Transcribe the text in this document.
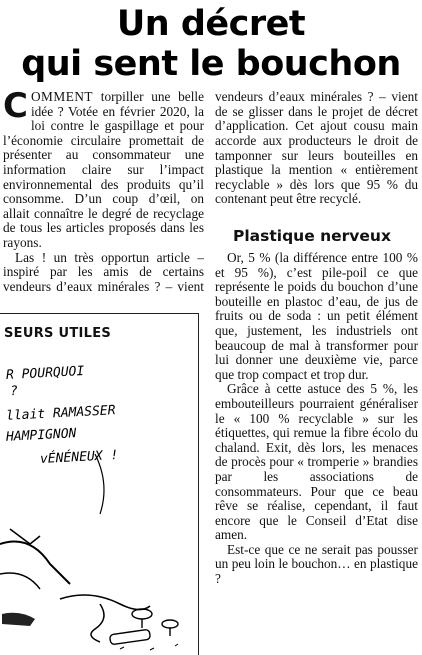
Un décret
qui sent le bouchon

COMMENT torpiller une belle idée ? Votée en février 2020, la loi contre le gaspillage et pour l’économie circulaire promettait de présenter au consommateur une information claire sur l’impact environnemental des produits qu’il consomme. D’un coup d’œil, on allait connaître le degré de recyclage de tous les articles proposés dans les rayons.

Las ! un très opportun article – inspiré par les amis de certains vendeurs d’eaux minérales ? – vient

vendeurs d’eaux minérales ? – vient de se glisser dans le projet de décret d’application. Cet ajout cousu main accorde aux producteurs le droit de tamponner sur leurs bouteilles en plastique la mention « entièrement recyclable » dès lors que 95 % du contenant peut être recyclé.

Plastique nerveux

Or, 5 % (la différence entre 100 % et 95 %), c’est pile-poil ce que représente le poids du bouchon d’une bouteille en plastoc d’eau, de jus de fruits ou de soda : un petit élément que, justement, les industriels ont beaucoup de mal à transformer pour lui donner une deuxième vie, parce que trop compact et trop dur.

Grâce à cette astuce des 5 %, les embouteilleurs pourraient généraliser le « 100 % recyclable » sur les étiquettes, qui remue la fibre écolo du chaland. Exit, dès lors, les menaces de procès pour « tromperie » brandies par les associations de consommateurs. Pour que ce beau rêve se réalise, cependant, il faut encore que le Conseil d’Etat dise amen.

Est-ce que ce ne serait pas pousser un peu loin le bouchon… en plastique ?

SEURS UTILES
R POURQUOI
?
llait RAMASSER
HAMPIGNON
vÉNÉNEUX !
